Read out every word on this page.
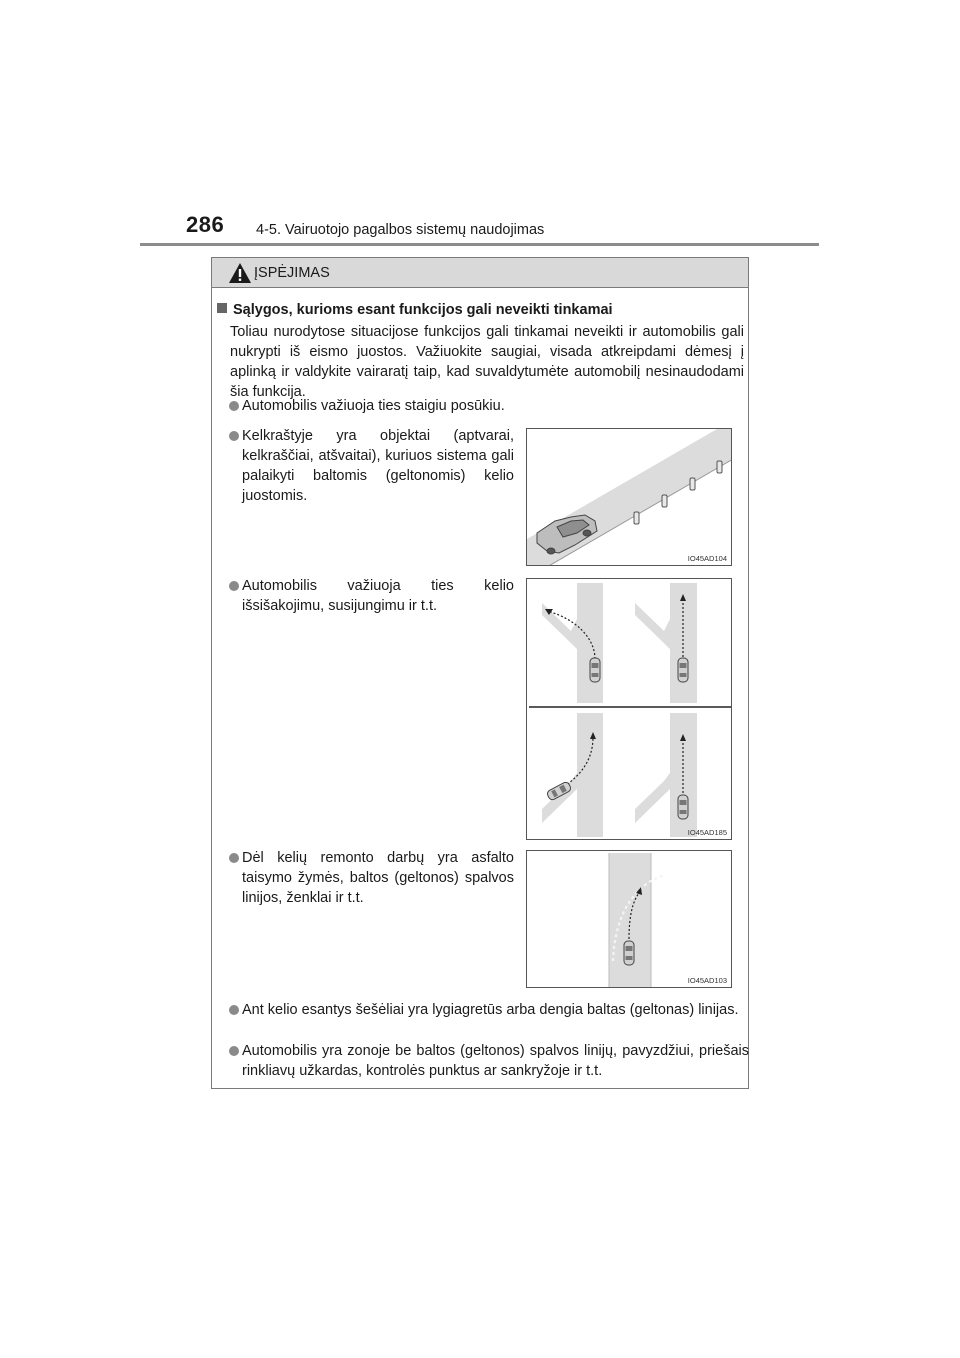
286 4-5. Vairuotojo pagalbos sistemų naudojimas
ĮSPĖJIMAS
Sąlygos, kurioms esant funkcijos gali neveikti tinkamai
Toliau nurodytose situacijose funkcijos gali tinkamai neveikti ir automobilis gali nukrypti iš eismo juostos. Važiuokite saugiai, visada atkreipdami dėmesį į aplinką ir valdykite vairaratį taip, kad suvaldytumėte automobilį nesinaudodami šia funkcija.
Automobilis važiuoja ties staigiu posūkiu.
Kelkraštyje yra objektai (aptvarai, kelkraščiai, atšvaitai), kuriuos sistema gali palaikyti baltomis (geltonomis) kelio juostomis.
Automobilis važiuoja ties kelio išsišakojimu, susijungimu ir t.t.
Dėl kelių remonto darbų yra asfalto taisymo žymės, baltos (geltonos) spalvos linijos, ženklai ir t.t.
Ant kelio esantys šešėliai yra lygiagretūs arba dengia baltas (geltonas) linijas.
Automobilis yra zonoje be baltos (geltonos) spalvos linijų, pavyzdžiui, priešais rinkliavų užkardas, kontrolės punktus ar sankryžoje ir t.t.
IO45AD104
IO45AD185
IO45AD103
